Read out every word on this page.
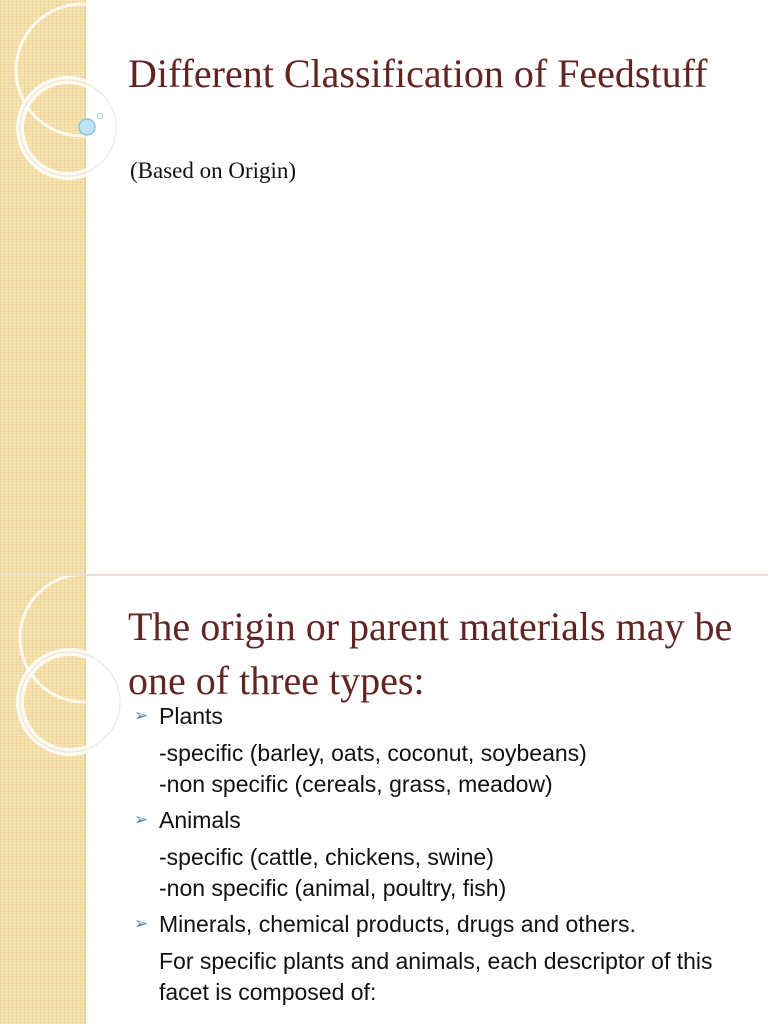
Different Classification of Feedstuff
(Based on Origin)
The origin or parent materials may be one of three types:
➢ Plants
-specific (barley, oats, coconut, soybeans)
-non specific (cereals, grass, meadow)
➢ Animals
-specific (cattle, chickens, swine)
-non specific (animal, poultry, fish)
➢ Minerals, chemical products, drugs and others.
For specific plants and animals, each descriptor of this facet is composed of:
